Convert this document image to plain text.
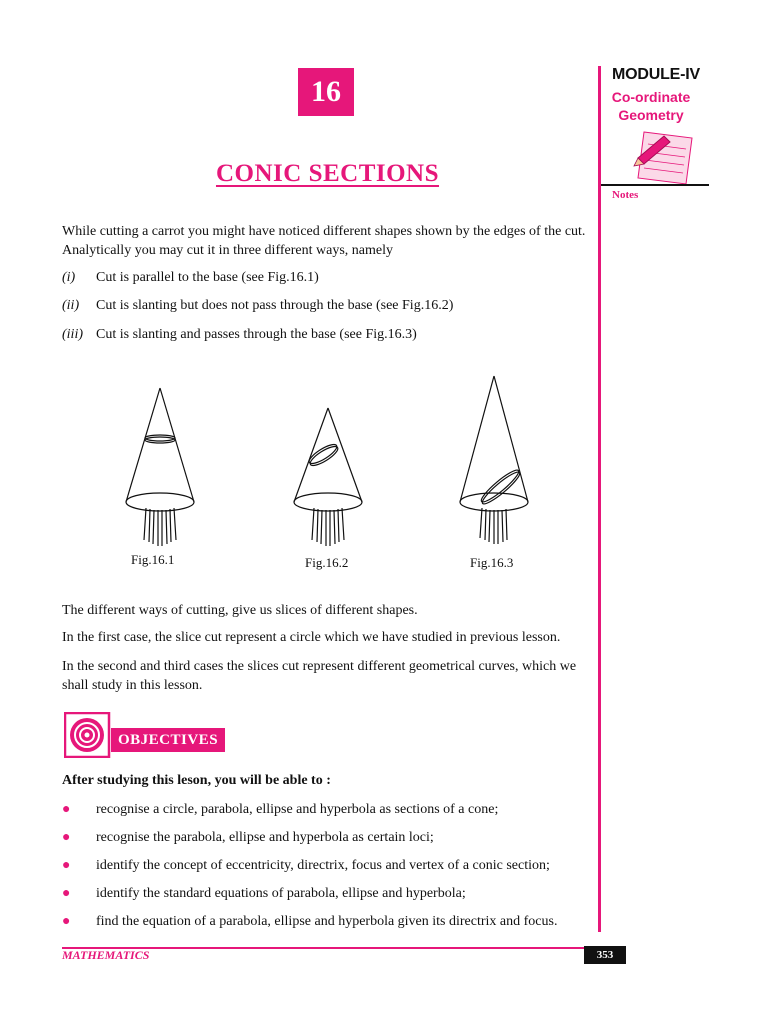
16
CONIC SECTIONS
MODULE-IV
Co-ordinate
Geometry
Notes
While cutting a carrot you might have noticed different shapes shown by the edges of the cut. Analytically you may cut it in three different ways, namely
(i) Cut is parallel to the base (see Fig.16.1)
(ii) Cut is slanting but does not pass through the base (see Fig.16.2)
(iii) Cut is slanting and passes through the base (see Fig.16.3)
Fig.16.1	Fig.16.2	Fig.16.3
The different ways of cutting, give us slices of different shapes.
In the first case, the slice cut represent a circle which we have studied in previous lesson.
In the second and third cases the slices cut represent different geometrical curves, which we shall study in this lesson.
OBJECTIVES
After studying this leson, you will be able to :
● recognise a circle, parabola, ellipse and hyperbola as sections of a cone;
● recognise the parabola, ellipse and hyperbola as certain loci;
● identify the concept of eccentricity, directrix, focus and vertex of a conic section;
● identify the standard equations of parabola, ellipse and hyperbola;
● find the equation of a parabola, ellipse and hyperbola given its directrix and focus.
MATHEMATICS	353
